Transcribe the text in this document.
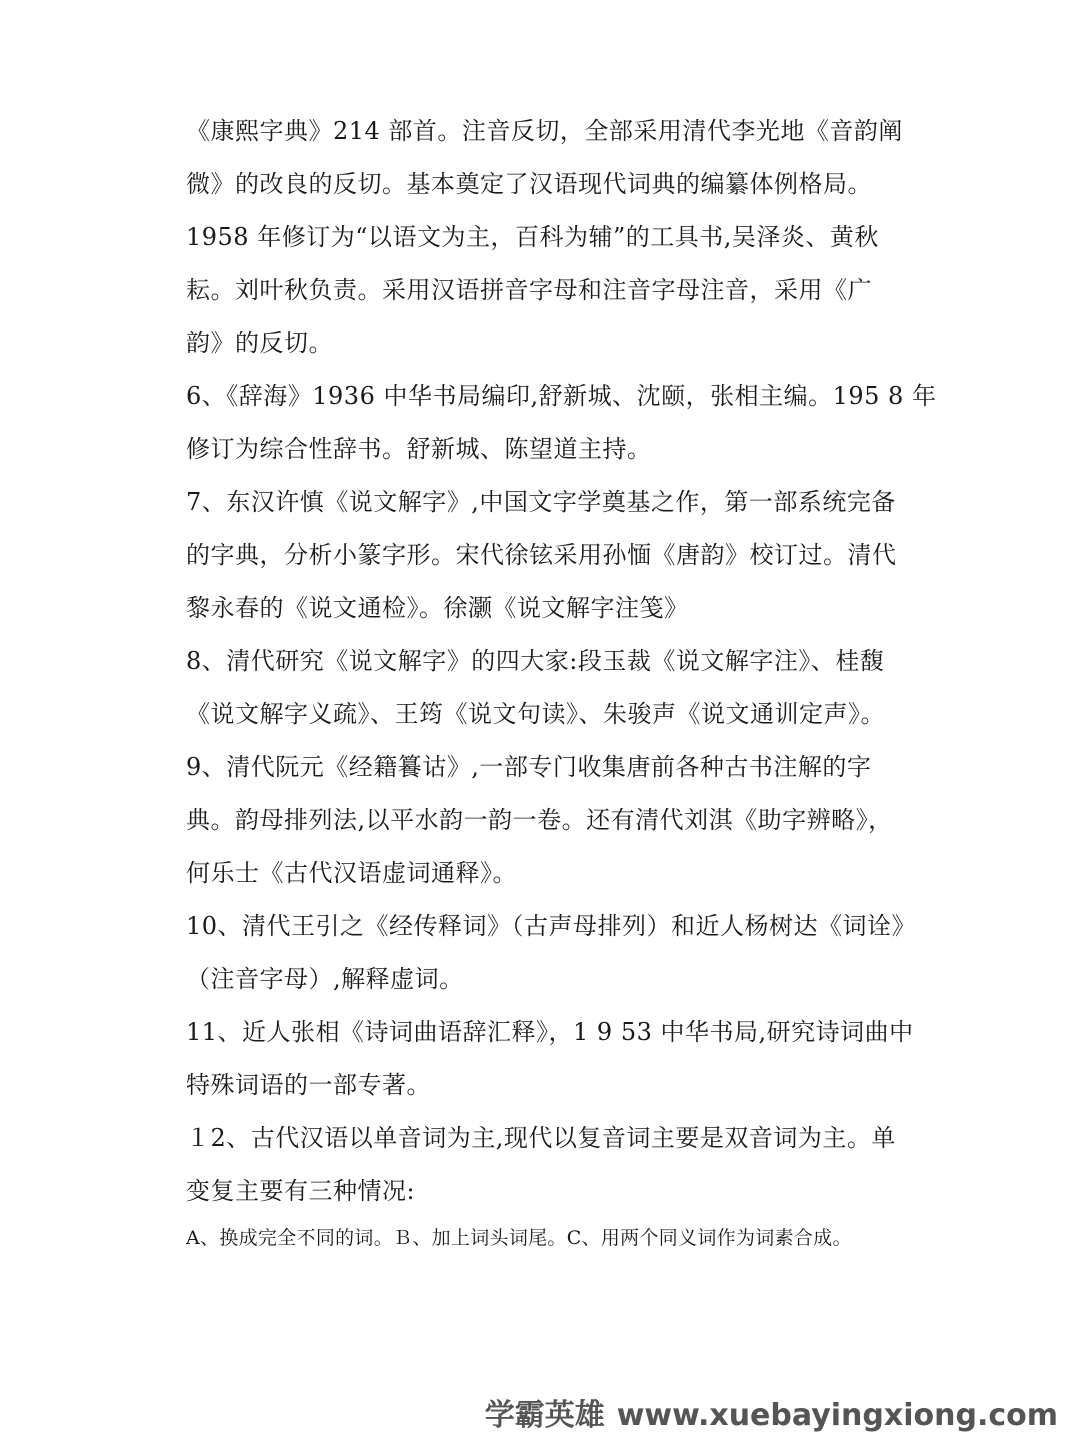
《康熙字典》214 部首。注音反切，全部采用清代李光地《音韵阐
微》的改良的反切。基本奠定了汉语现代词典的编纂体例格局。
1958 年修订为“以语文为主，百科为辅”的工具书,吴泽炎、黄秋
耘。刘叶秋负责。采用汉语拼音字母和注音字母注音，采用《广
韵》的反切。
6、《辞海》1936 中华书局编印,舒新城、沈颐，张相主编。195 8 年
修订为综合性辞书。舒新城、陈望道主持。
7、东汉许慎《说文解字》,中国文字学奠基之作，第一部系统完备
的字典，分析小篆字形。宋代徐铉采用孙愐《唐韵》校订过。清代
黎永春的《说文通检》。徐灏《说文解字注笺》
8、清代研究《说文解字》的四大家:段玉裁《说文解字注》、桂馥
《说文解字义疏》、王筠《说文句读》、朱骏声《说文通训定声》。
9、清代阮元《经籍籑诂》,一部专门收集唐前各种古书注解的字
典。韵母排列法,以平水韵一韵一卷。还有清代刘淇《助字辨略》，
何乐士《古代汉语虚词通释》。
10、清代王引之《经传释词》（古声母排列）和近人杨树达《词诠》
（注音字母）,解释虚词。
11、近人张相《诗词曲语辞汇释》，1 9 53 中华书局,研究诗词曲中
特殊词语的一部专著。
１2、古代汉语以单音词为主,现代以复音词主要是双音词为主。单
变复主要有三种情况:
A、换成完全不同的词。Ｂ、加上词头词尾。C、用两个同义词作为词素合成。
学霸英雄 www.xuebayingxiong.com
